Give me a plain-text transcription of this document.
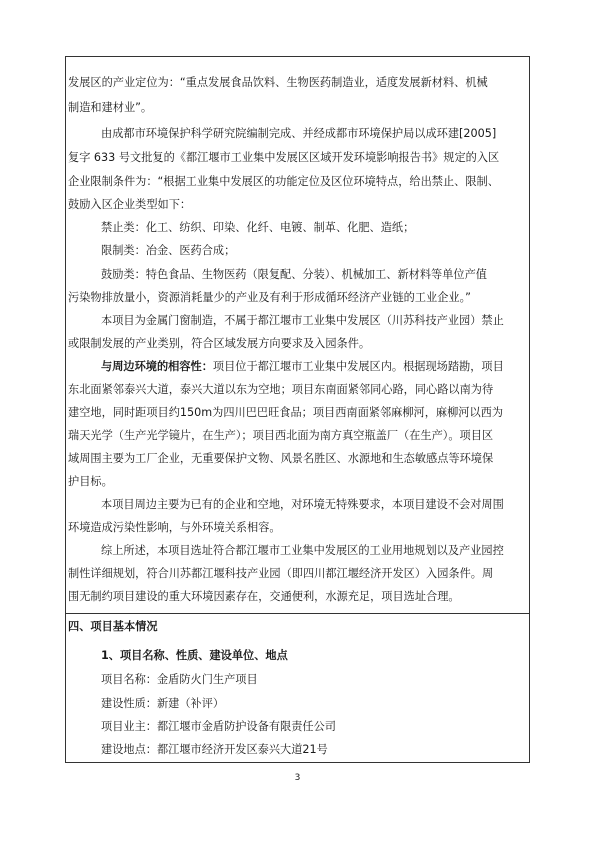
发展区的产业定位为：“重点发展食品饮料、生物医药制造业，适度发展新材料、机械
制造和建材业”。
由成都市环境保护科学研究院编制完成、并经成都市环境保护局以成环建[2005]
复字 633 号文批复的《都江堰市工业集中发展区区域开发环境影响报告书》规定的入区
企业限制条件为：“根据工业集中发展区的功能定位及区位环境特点，给出禁止、限制、
鼓励入区企业类型如下：
禁止类：化工、纺织、印染、化纤、电镀、制革、化肥、造纸；
限制类：冶金、医药合成；
鼓励类：特色食品、生物医药（限复配、分装）、机械加工、新材料等单位产值
污染物排放量小，资源消耗量少的产业及有利于形成循环经济产业链的工业企业。”
本项目为金属门窗制造，不属于都江堰市工业集中发展区（川苏科技产业园）禁止
或限制发展的产业类别，符合区域发展方向要求及入园条件。
与周边环境的相容性：项目位于都江堰市工业集中发展区内。根据现场踏勘，项目
东北面紧邻泰兴大道，泰兴大道以东为空地；项目东南面紧邻同心路，同心路以南为待
建空地，同时距项目约150m为四川巴巴旺食品；项目西南面紧邻麻柳河，麻柳河以西为
瑞天光学（生产光学镜片，在生产）；项目西北面为南方真空瓶盖厂（在生产）。项目区
域周围主要为工厂企业，无重要保护文物、风景名胜区、水源地和生态敏感点等环境保
护目标。
本项目周边主要为已有的企业和空地，对环境无特殊要求，本项目建设不会对周围
环境造成污染性影响，与外环境关系相容。
综上所述，本项目选址符合都江堰市工业集中发展区的工业用地规划以及产业园控
制性详细规划，符合川苏都江堰科技产业园（即四川都江堰经济开发区）入园条件。周
围无制约项目建设的重大环境因素存在，交通便利，水源充足，项目选址合理。
四、项目基本情况
1、项目名称、性质、建设单位、地点
项目名称：金盾防火门生产项目
建设性质：新建（补评）
项目业主：都江堰市金盾防护设备有限责任公司
建设地点：都江堰市经济开发区泰兴大道21号
3
